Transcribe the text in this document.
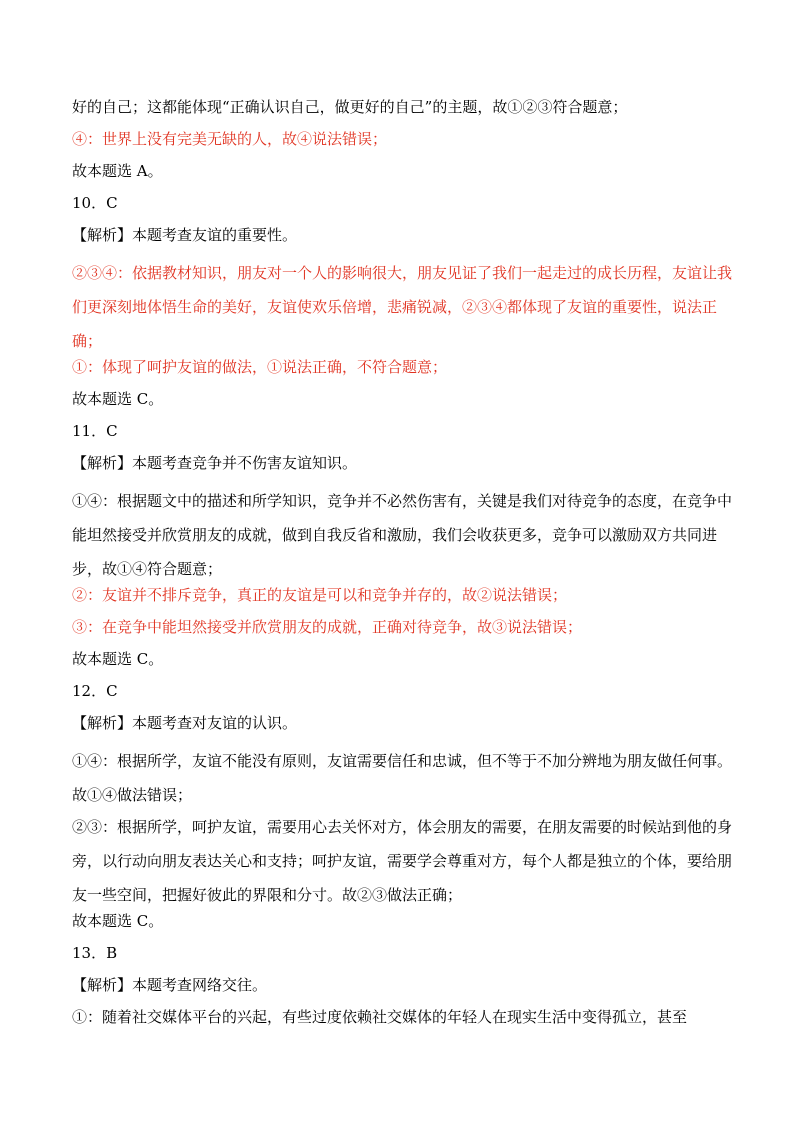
好的自己；这都能体现“正确认识自己，做更好的自己”的主题，故①②③符合题意；
④：世界上没有完美无缺的人，故④说法错误；
故本题选 A。
10．C
【解析】本题考查友谊的重要性。
②③④：依据教材知识，朋友对一个人的影响很大，朋友见证了我们一起走过的成长历程，友谊让我们更深刻地体悟生命的美好，友谊使欢乐倍增，悲痛锐减，②③④都体现了友谊的重要性，说法正确；
①：体现了呵护友谊的做法，①说法正确，不符合题意；
故本题选 C。
11．C
【解析】本题考查竞争并不伤害友谊知识。
①④：根据题文中的描述和所学知识，竞争并不必然伤害有，关键是我们对待竞争的态度，在竞争中能坦然接受并欣赏朋友的成就，做到自我反省和激励，我们会收获更多，竞争可以激励双方共同进步，故①④符合题意；
②：友谊并不排斥竞争，真正的友谊是可以和竞争并存的，故②说法错误；
③：在竞争中能坦然接受并欣赏朋友的成就，正确对待竞争，故③说法错误；
故本题选 C。
12．C
【解析】本题考查对友谊的认识。
①④：根据所学，友谊不能没有原则，友谊需要信任和忠诚，但不等于不加分辨地为朋友做任何事。故①④做法错误；
②③：根据所学，呵护友谊，需要用心去关怀对方，体会朋友的需要，在朋友需要的时候站到他的身旁，以行动向朋友表达关心和支持；呵护友谊，需要学会尊重对方，每个人都是独立的个体，要给朋友一些空间，把握好彼此的界限和分寸。故②③做法正确；
故本题选 C。
13．B
【解析】本题考查网络交往。
①：随着社交媒体平台的兴起，有些过度依赖社交媒体的年轻人在现实生活中变得孤立，甚至
